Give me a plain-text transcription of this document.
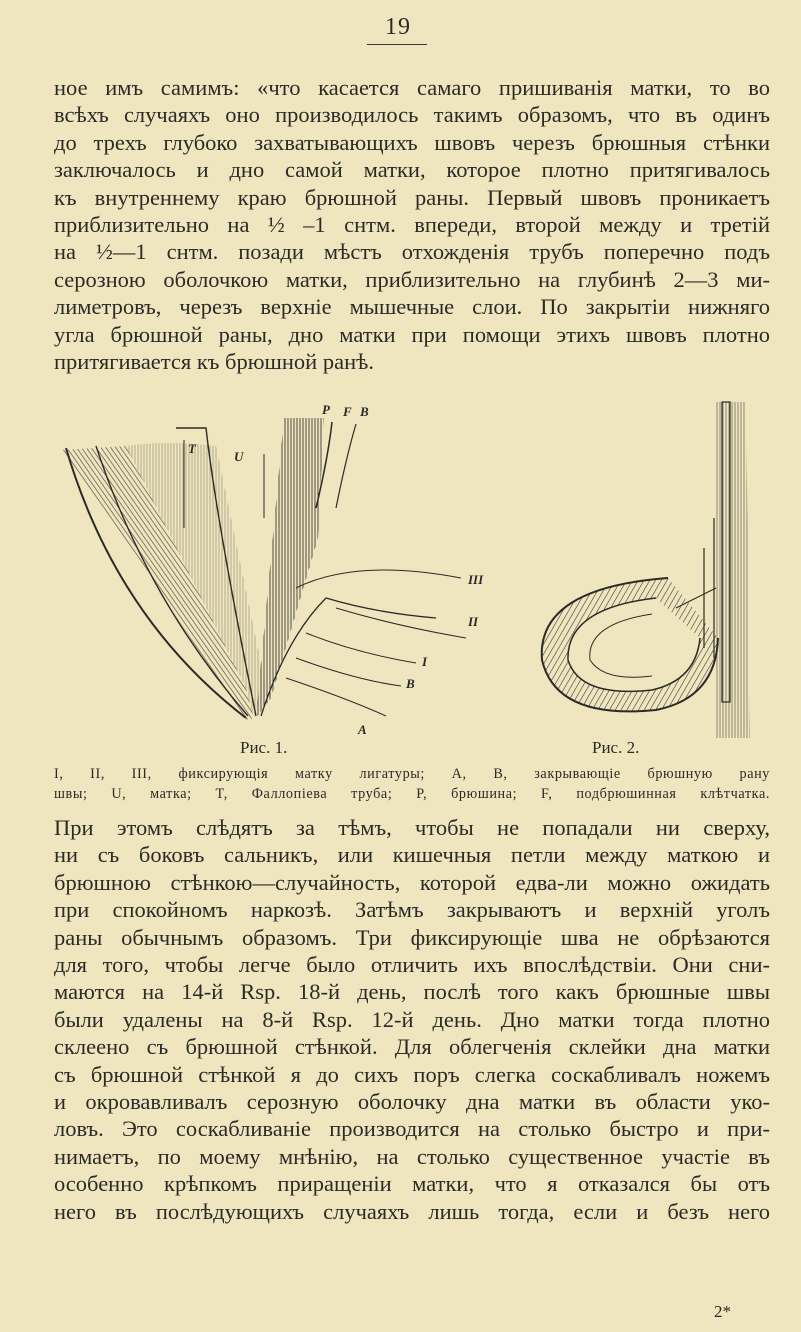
19

ное имъ самимъ: «что касается самаго пришиванія матки, то во
всѣхъ случаяхъ оно производилось такимъ образомъ, что въ одинъ
до трехъ глубоко захватывающихъ швовъ черезъ брюшныя стѣнки
заключалось и дно самой матки, которое плотно притягивалось
къ внутреннему краю брюшной раны. Первый швовъ проникаетъ
приблизительно на ½ –1 снтм. впереди, второй между и третій
на ½—1 снтм. позади мѣстъ отхожденія трубъ поперечно подъ
серозною оболочкою матки, приблизительно на глубинѣ 2—3 ми-
лиметровъ, черезъ верхніе мышечные слои. По закрытіи нижняго
угла брюшной раны, дно матки при помощи этихъ швовъ плотно
притягивается къ брюшной ранѣ.

T
U
P F B
III
II
I
B
A
Рис. 1.	Рис. 2.

I, II, III, фиксирующія матку лигатуры; A, B, закрывающіе брюшную рану
швы; U, матка; T, Фаллопіева труба; P, брюшина; F, подбрюшинная клѣтчатка.

При этомъ слѣдятъ за тѣмъ, чтобы не попадали ни сверху,
ни съ боковъ сальникъ, или кишечныя петли между маткою и
брюшною стѣнкою—случайность, которой едва-ли можно ожидать
при спокойномъ наркозѣ. Затѣмъ закрываютъ и верхній уголъ
раны обычнымъ образомъ. Три фиксирующіе шва не обрѣзаются
для того, чтобы легче было отличить ихъ впослѣдствіи. Они сни-
маются на 14-й Rsp. 18-й день, послѣ того какъ брюшные швы
были удалены на 8-й Rsp. 12-й день. Дно матки тогда плотно
склеено съ брюшной стѣнкой. Для облегченія склейки дна матки
съ брюшной стѣнкой я до сихъ поръ слегка соскабливалъ ножемъ
и окровавливалъ серозную оболочку дна матки въ области уко-
ловъ. Это соскабливаніе производится на столько быстро и при-
нимаетъ, по моему мнѣнію, на столько существенное участіе въ
особенно крѣпкомъ приращеніи матки, что я отказался бы отъ
него въ послѣдующихъ случаяхъ лишь тогда, если и безъ него

2*
